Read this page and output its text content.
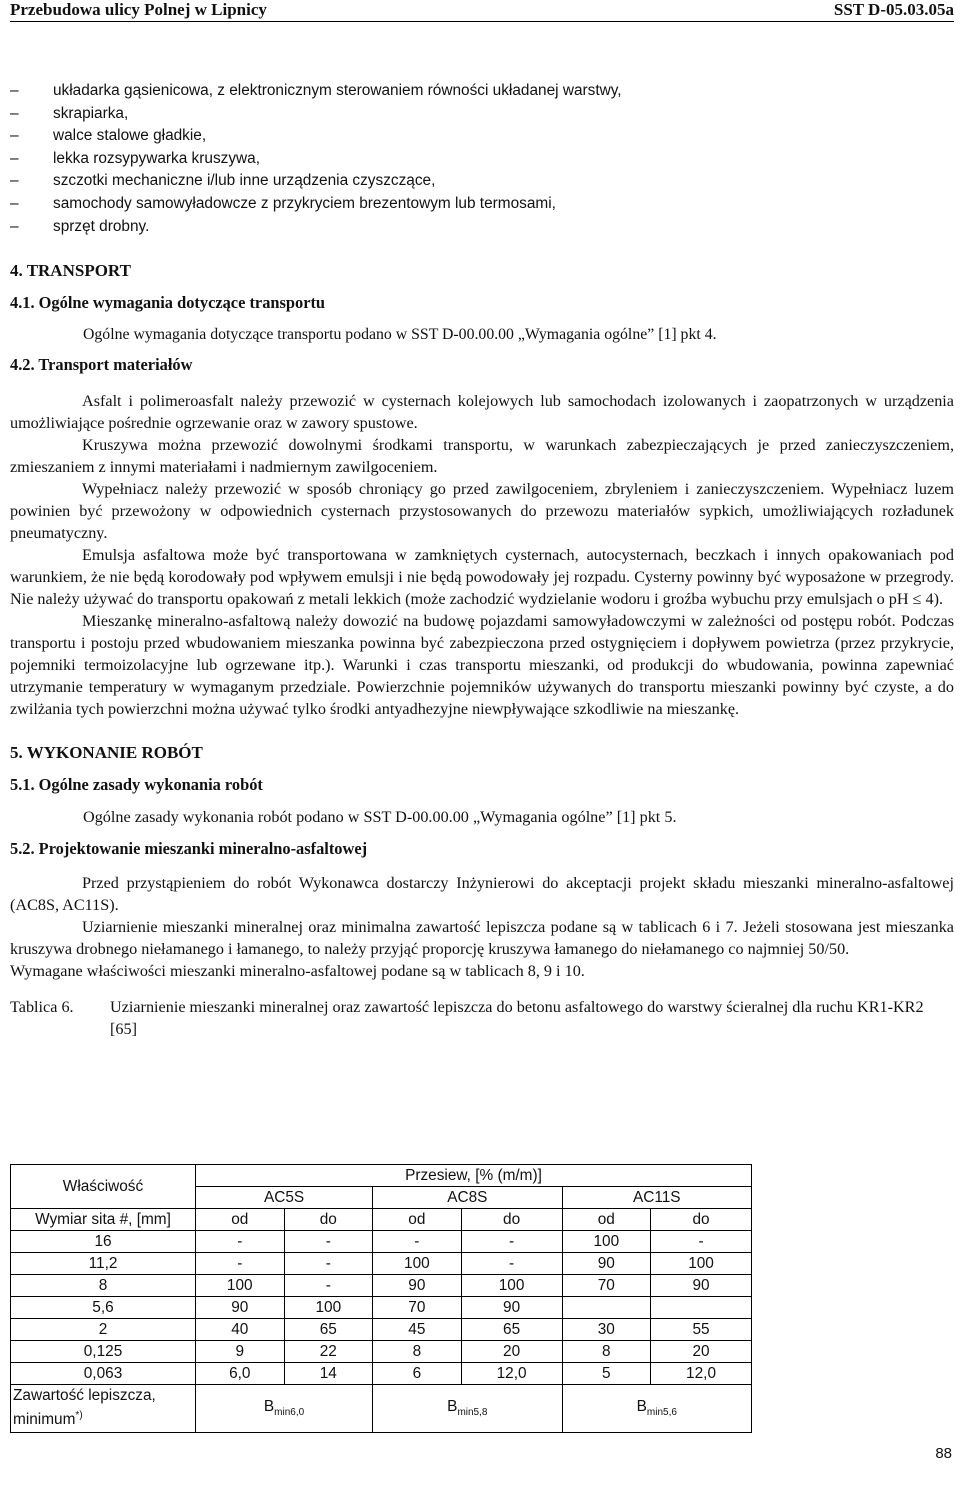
Przebudowa ulicy Polnej w Lipnicy	SST D-05.03.05a
– układarka gąsienicowa, z elektronicznym sterowaniem równości układanej warstwy,
– skrapiarka,
– walce stalowe gładkie,
– lekka rozsypywarka kruszywa,
– szczotki mechaniczne i/lub inne urządzenia czyszczące,
– samochody samowyładowcze z przykryciem brezentowym lub termosami,
– sprzęt drobny.
4. TRANSPORT
4.1. Ogólne wymagania dotyczące transportu
Ogólne wymagania dotyczące transportu podano w SST D-00.00.00 „Wymagania ogólne” [1] pkt 4.
4.2. Transport materiałów
Asfalt i polimeroasfalt należy przewozić w cysternach kolejowych lub samochodach izolowanych i zaopatrzonych w urządzenia umożliwiające pośrednie ogrzewanie oraz w zawory spustowe.
Kruszywa można przewozić dowolnymi środkami transportu, w warunkach zabezpieczających je przed zanieczyszczeniem, zmieszaniem z innymi materiałami i nadmiernym zawilgoceniem.
Wypełniacz należy przewozić w sposób chroniący go przed zawilgoceniem, zbryleniem i zanieczyszczeniem. Wypełniacz luzem powinien być przewożony w odpowiednich cysternach przystosowanych do przewozu materiałów sypkich, umożliwiających rozładunek pneumatyczny.
Emulsja asfaltowa może być transportowana w zamkniętych cysternach, autocysternach, beczkach i innych opakowaniach pod warunkiem, że nie będą korodowały pod wpływem emulsji i nie będą powodowały jej rozpadu. Cysterny powinny być wyposażone w przegrody. Nie należy używać do transportu opakowań z metali lekkich (może zachodzić wydzielanie wodoru i groźba wybuchu przy emulsjach o pH ≤ 4).
Mieszankę mineralno-asfaltową należy dowozić na budowę pojazdami samowyładowczymi w zależności od postępu robót. Podczas transportu i postoju przed wbudowaniem mieszanka powinna być zabezpieczona przed ostygnięciem i dopływem powietrza (przez przykrycie, pojemniki termoizolacyjne lub ogrzewane itp.). Warunki i czas transportu mieszanki, od produkcji do wbudowania, powinna zapewniać utrzymanie temperatury w wymaganym przedziale. Powierzchnie pojemników używanych do transportu mieszanki powinny być czyste, a do zwilżania tych powierzchni można używać tylko środki antyadhezyjne niewpływające szkodliwie na mieszankę.
5. WYKONANIE ROBÓT
5.1. Ogólne zasady wykonania robót
Ogólne zasady wykonania robót podano w SST D-00.00.00 „Wymagania ogólne” [1] pkt 5.
5.2. Projektowanie mieszanki mineralno-asfaltowej
Przed przystąpieniem do robót Wykonawca dostarczy Inżynierowi do akceptacji projekt składu mieszanki mineralno-asfaltowej (AC8S, AC11S).
Uziarnienie mieszanki mineralnej oraz minimalna zawartość lepiszcza podane są w tablicach 6 i 7. Jeżeli stosowana jest mieszanka kruszywa drobnego niełamanego i łamanego, to należy przyjąć proporcję kruszywa łamanego do niełamanego co najmniej 50/50.
Wymagane właściwości mieszanki mineralno-asfaltowej podane są w tablicach 8, 9 i 10.
Tablica 6. Uziarnienie mieszanki mineralnej oraz zawartość lepiszcza do betonu asfaltowego do warstwy ścieralnej dla ruchu KR1-KR2 [65]
Właściwość	Przesiew, [% (m/m)]					
	AC5S		AC8S		AC11S	
Wymiar sita #, [mm]	od	do	od	do	od	do
16	-	-	-	-	100	-
11,2	-	-	100	-	90	100
8	100	-	90	100	70	90
5,6	90	100	70	90		
2	40	65	45	65	30	55
0,125	9	22	8	20	8	20
0,063	6,0	14	6	12,0	5	12,0
Zawartość lepiszcza,
minimum*)	$B_{min6,0}$		$B_{min5,8}$		$B_{min5,6}$
88
